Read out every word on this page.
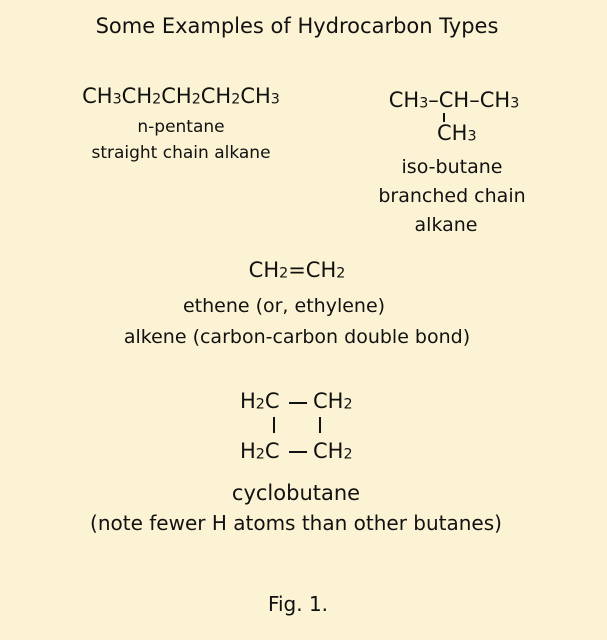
Some Examples of Hydrocarbon Types
$CH_3CH_2CH_2CH_2CH_3$
n-pentane
straight chain alkane
$CH_3-CH-CH_3$
$CH_3$
iso-butane
branched chain
alkane
$CH_2=CH_2$
ethene (or, ethylene)
alkene (carbon-carbon double bond)
$H_2C$ $CH_2$
$H_2C$ $CH_2$
cyclobutane
(note fewer H atoms than other butanes)
Fig. 1.
